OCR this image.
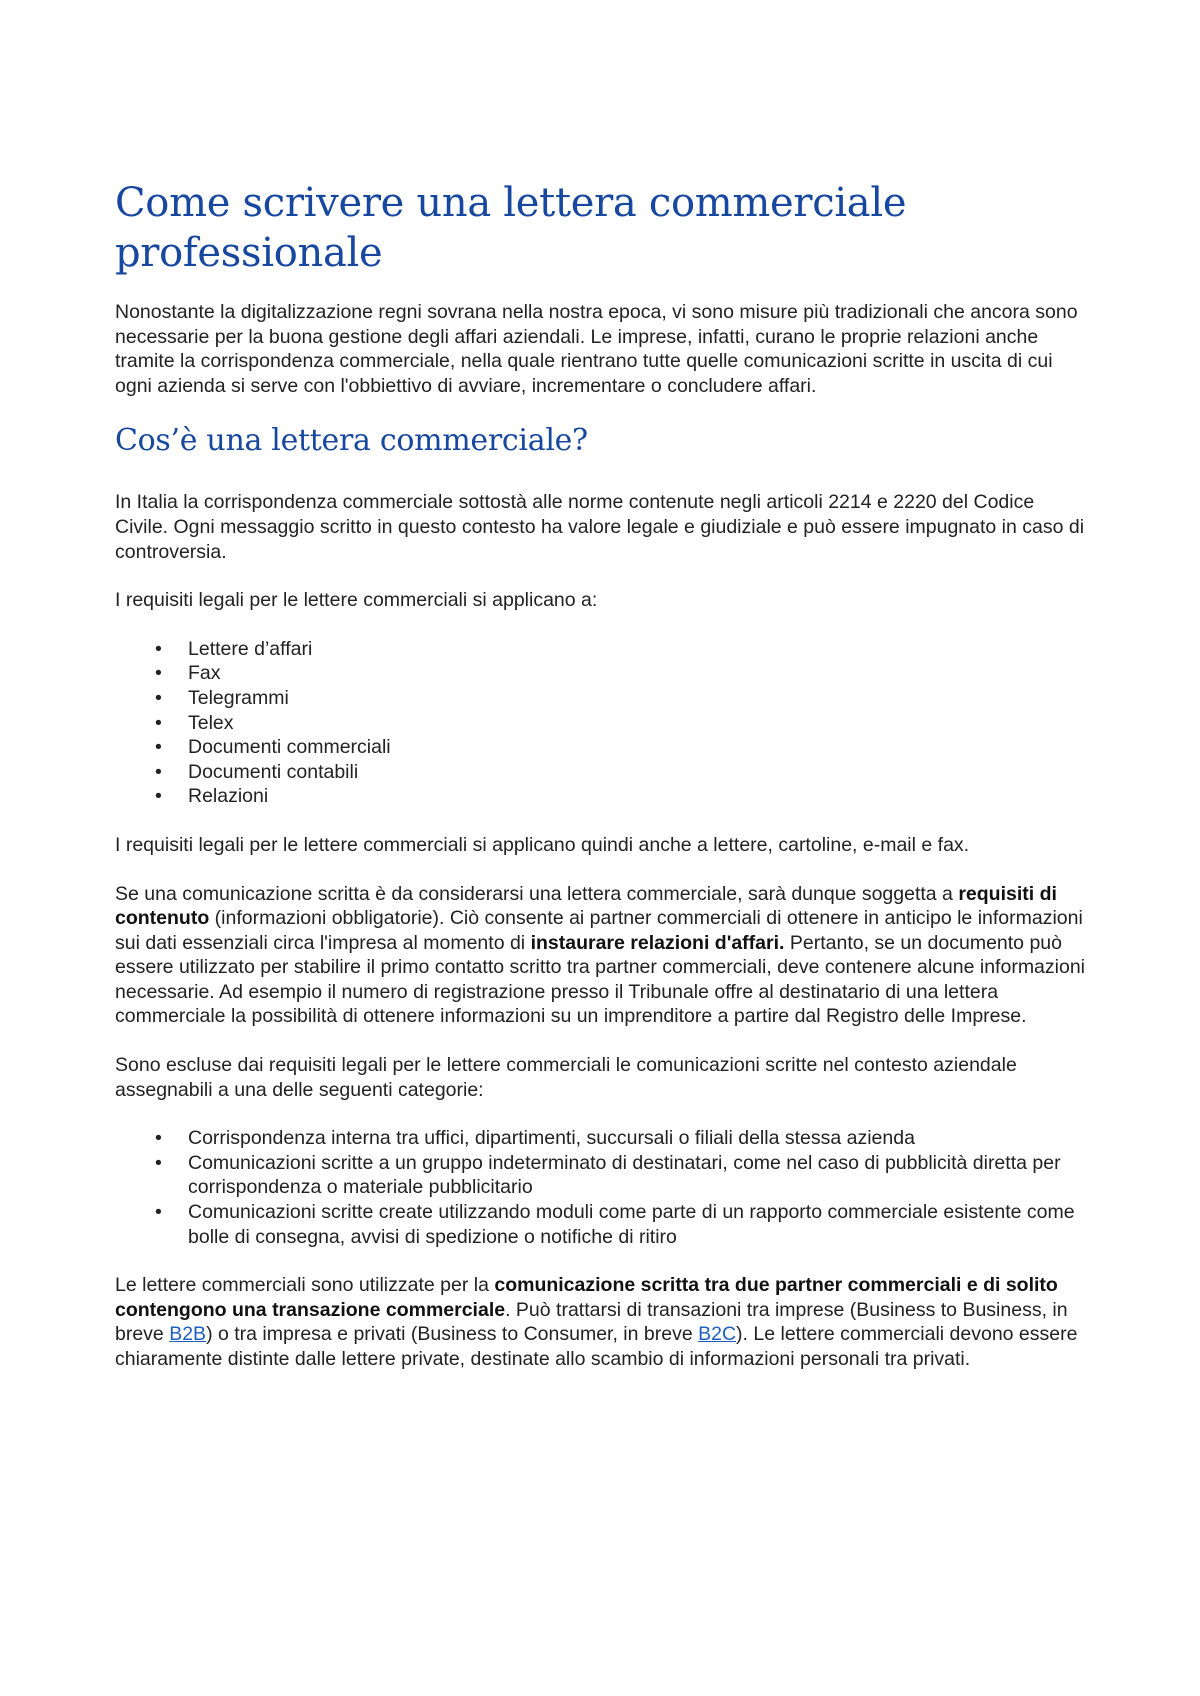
Come scrivere una lettera commerciale professionale

Nonostante la digitalizzazione regni sovrana nella nostra epoca, vi sono misure più tradizionali che ancora sono necessarie per la buona gestione degli affari aziendali. Le imprese, infatti, curano le proprie relazioni anche tramite la corrispondenza commerciale, nella quale rientrano tutte quelle comunicazioni scritte in uscita di cui ogni azienda si serve con l'obbiettivo di avviare, incrementare o concludere affari.

Cos’è una lettera commerciale?

In Italia la corrispondenza commerciale sottostà alle norme contenute negli articoli 2214 e 2220 del Codice Civile. Ogni messaggio scritto in questo contesto ha valore legale e giudiziale e può essere impugnato in caso di controversia.

I requisiti legali per le lettere commerciali si applicano a:

• Lettere d’affari
• Fax
• Telegrammi
• Telex
• Documenti commerciali
• Documenti contabili
• Relazioni

I requisiti legali per le lettere commerciali si applicano quindi anche a lettere, cartoline, e-mail e fax.

Se una comunicazione scritta è da considerarsi una lettera commerciale, sarà dunque soggetta a requisiti di contenuto (informazioni obbligatorie). Ciò consente ai partner commerciali di ottenere in anticipo le informazioni sui dati essenziali circa l'impresa al momento di instaurare relazioni d'affari. Pertanto, se un documento può essere utilizzato per stabilire il primo contatto scritto tra partner commerciali, deve contenere alcune informazioni necessarie. Ad esempio il numero di registrazione presso il Tribunale offre al destinatario di una lettera commerciale la possibilità di ottenere informazioni su un imprenditore a partire dal Registro delle Imprese.

Sono escluse dai requisiti legali per le lettere commerciali le comunicazioni scritte nel contesto aziendale assegnabili a una delle seguenti categorie:

• Corrispondenza interna tra uffici, dipartimenti, succursali o filiali della stessa azienda
• Comunicazioni scritte a un gruppo indeterminato di destinatari, come nel caso di pubblicità diretta per corrispondenza o materiale pubblicitario
• Comunicazioni scritte create utilizzando moduli come parte di un rapporto commerciale esistente come bolle di consegna, avvisi di spedizione o notifiche di ritiro

Le lettere commerciali sono utilizzate per la comunicazione scritta tra due partner commerciali e di solito contengono una transazione commerciale. Può trattarsi di transazioni tra imprese (Business to Business, in breve B2B) o tra impresa e privati (Business to Consumer, in breve B2C). Le lettere commerciali devono essere chiaramente distinte dalle lettere private, destinate allo scambio di informazioni personali tra privati.
